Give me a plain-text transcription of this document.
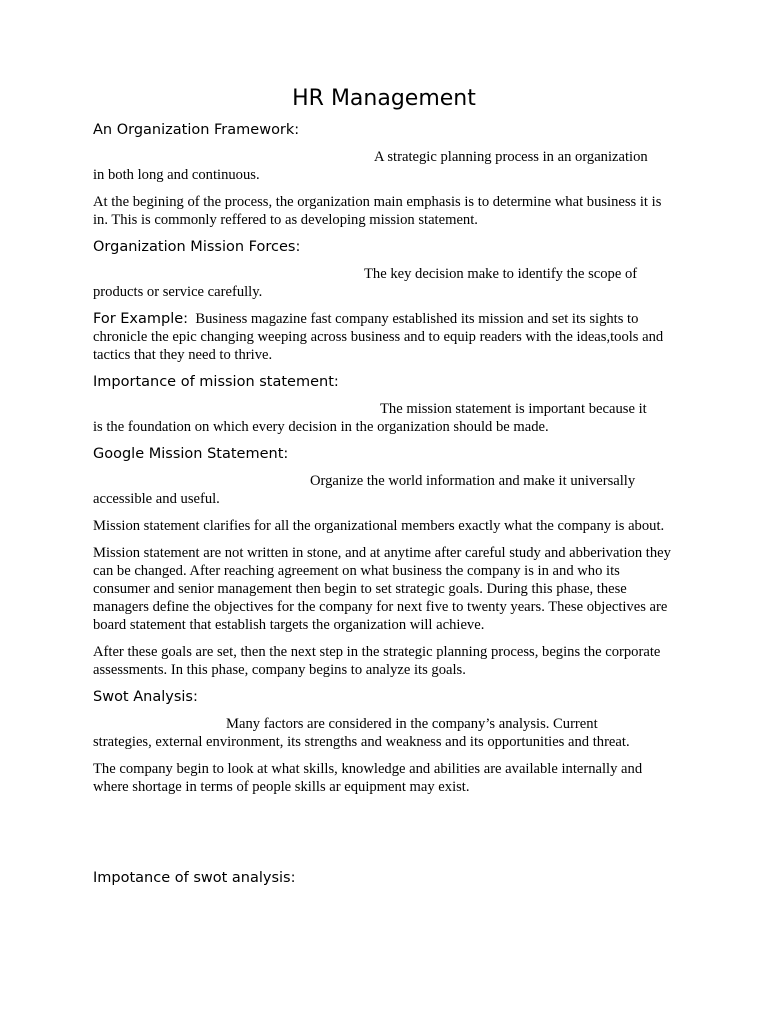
HR Management
An Organization Framework:
A strategic planning process in an organization
in both long and continuous.
At the begining of the process, the organization main emphasis is to determine what business it is in. This is commonly reffered to as developing mission statement.
Organization Mission Forces:
The key decision make to identify the scope of
products or service carefully.
For Example: Business magazine fast company established its mission and set its sights to chronicle the epic changing weeping across business and to equip readers with the ideas,tools and tactics that they need to thrive.
Importance of mission statement:
The mission statement is important because it
is the foundation on which every decision in the organization should be made.
Google Mission Statement:
Organize the world information and make it universally
accessible and useful.
Mission statement clarifies for all the organizational members exactly what the company is about.
Mission statement are not written in stone, and at anytime after careful study and abberivation they can be changed. After reaching agreement on what business the company is in and who its consumer and senior management then begin to set strategic goals. During this phase, these managers define the objectives for the company for next five to twenty years. These objectives are board statement that establish targets the organization will achieve.
After these goals are set, then the next step in the strategic planning process, begins the corporate assessments. In this phase, company begins to analyze its goals.
Swot Analysis:
Many factors are considered in the company’s analysis. Current
strategies, external environment, its strengths and weakness and its opportunities and threat.
The company begin to look at what skills, knowledge and abilities are available internally and where shortage in terms of people skills ar equipment may exist.
Impotance of swot analysis:
